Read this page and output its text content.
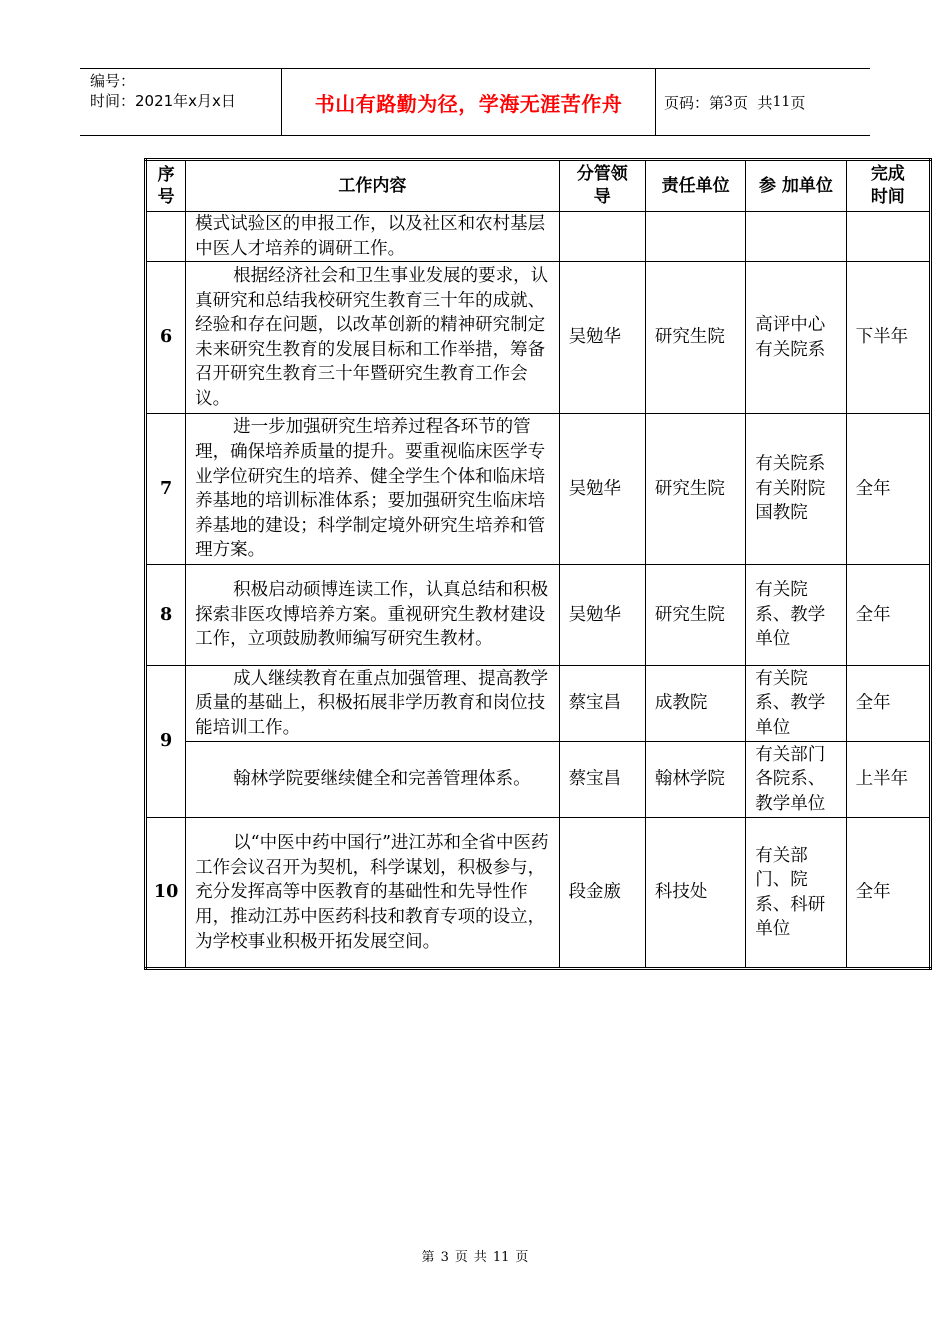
编号：
时间：2021年x月x日	书山有路勤为径，学海无涯苦作舟	页码：第 3 页  共 11 页
序号	工作内容	分管领导	责任单位	参 加单位	完成时间

	模式试验区的申报工作，以及社区和农村基层中医人才培养的调研工作。				
6	根据经济社会和卫生事业发展的要求，认真研究和总结我校研究生教育三十年的成就、经验和存在问题，以改革创新的精神研究制定未来研究生教育的发展目标和工作举措，筹备召开研究生教育三十年暨研究生教育工作会议。	吴勉华	研究生院	高评中心有关院系	下半年
7	进一步加强研究生培养过程各环节的管理，确保培养质量的提升。要重视临床医学专业学位研究生的培养、健全学生个体和临床培养基地的培训标准体系；要加强研究生临床培养基地的建设；科学制定境外研究生培养和管理方案。	吴勉华	研究生院	有关院系有关附院国教院	全年
8	积极启动硕博连读工作，认真总结和积极探索非医攻博培养方案。重视研究生教材建设工作，立项鼓励教师编写研究生教材。	吴勉华	研究生院	有关院系、教学单位	全年
9	成人继续教育在重点加强管理、提高教学质量的基础上，积极拓展非学历教育和岗位技能培训工作。	蔡宝昌	成教院	有关院系、教学单位	全年
	翰林学院要继续健全和完善管理体系。	蔡宝昌	翰林学院	有关部门各院系、教学单位	上半年
10	以“中医中药中国行”进江苏和全省中医药工作会议召开为契机，科学谋划，积极参与，充分发挥高等中医教育的基础性和先导性作用，推动江苏中医药科技和教育专项的设立，为学校事业积极开拓发展空间。	段金廒	科技处	有关部门、院系、科研单位	全年
第 3 页 共 11 页
